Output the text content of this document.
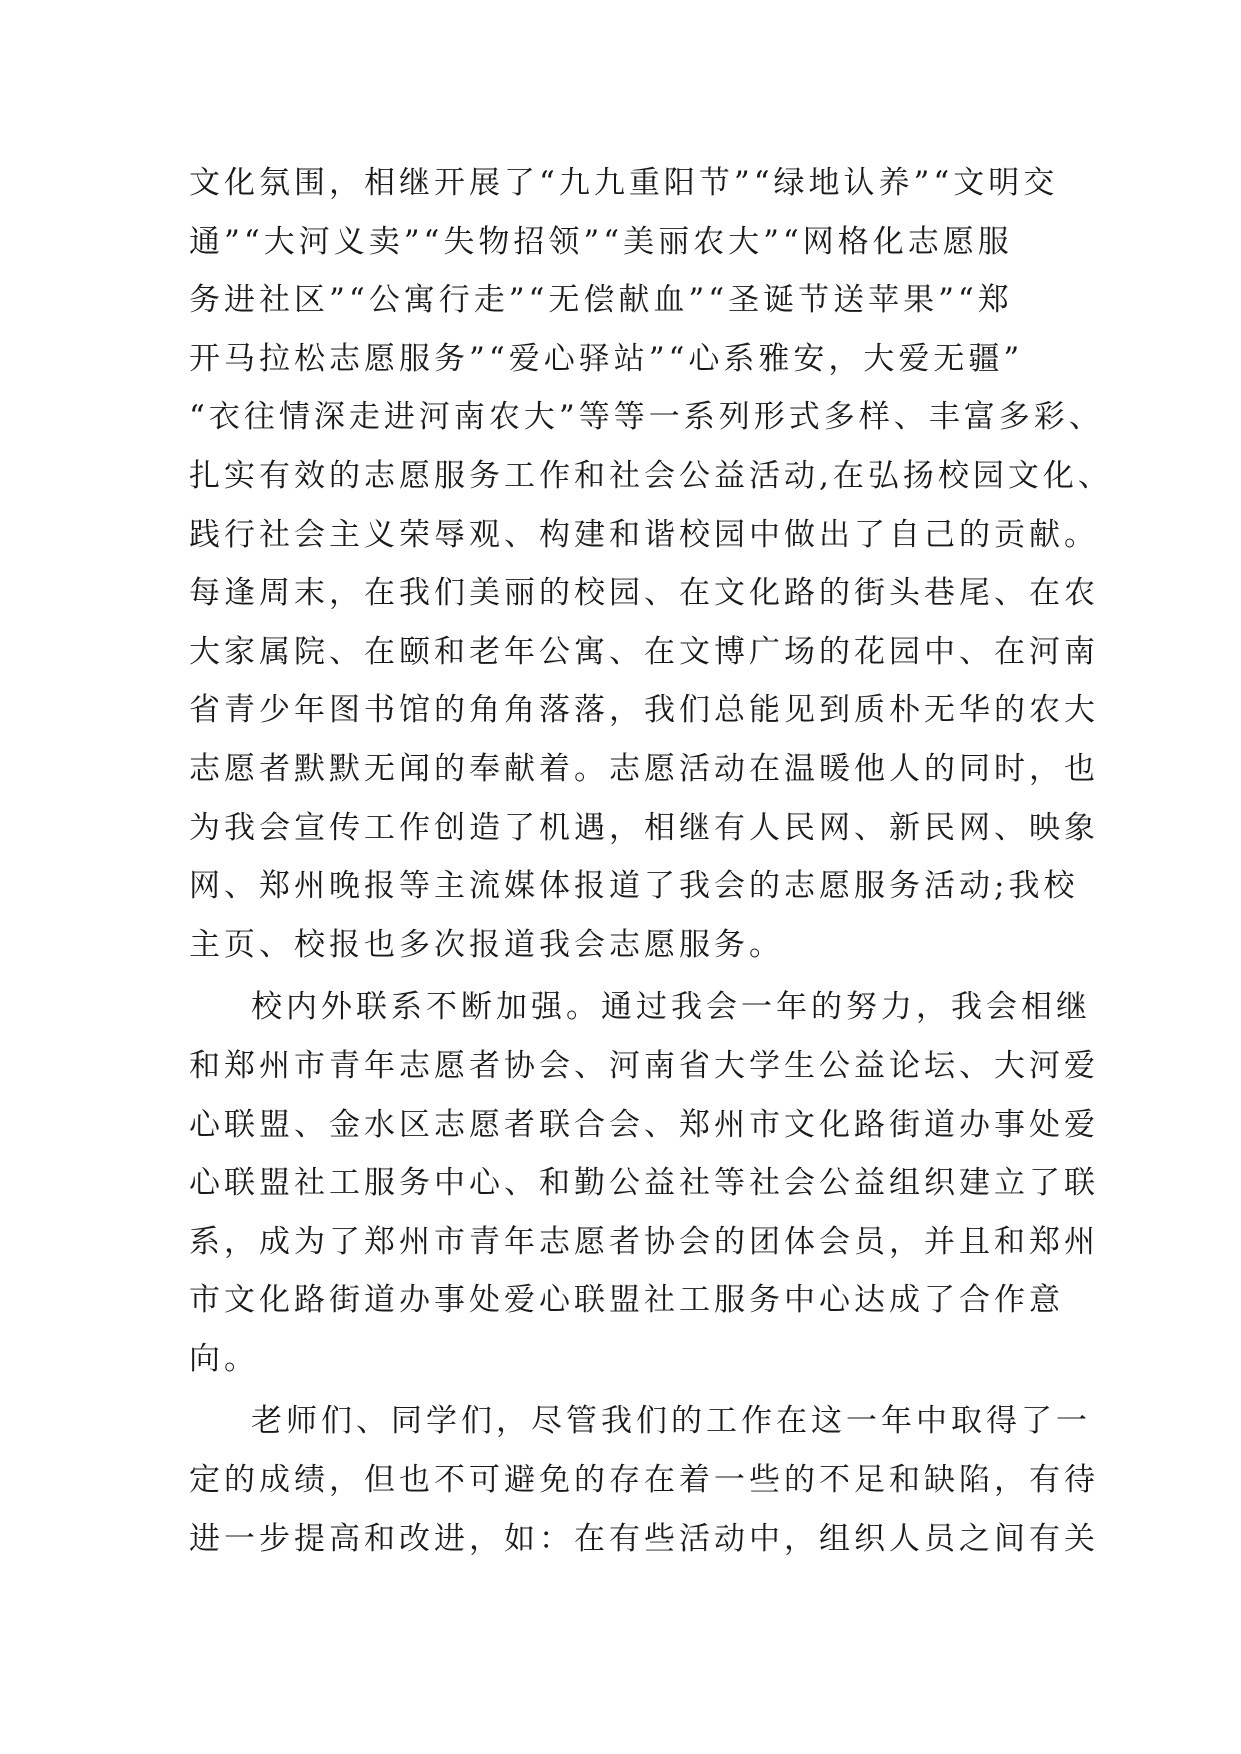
文化氛围，相继开展了“九九重阳节”“绿地认养”“文明交
通”“大河义卖”“失物招领”“美丽农大”“网格化志愿服
务进社区”“公寓行走”“无偿献血”“圣诞节送苹果”“郑
开马拉松志愿服务”“爱心驿站”“心系雅安，大爱无疆”
“衣往情深走进河南农大”等等一系列形式多样、丰富多彩、
扎实有效的志愿服务工作和社会公益活动,在弘扬校园文化、
践行社会主义荣辱观、构建和谐校园中做出了自己的贡献。
每逢周末，在我们美丽的校园、在文化路的街头巷尾、在农
大家属院、在颐和老年公寓、在文博广场的花园中、在河南
省青少年图书馆的角角落落，我们总能见到质朴无华的农大
志愿者默默无闻的奉献着。志愿活动在温暖他人的同时，也
为我会宣传工作创造了机遇，相继有人民网、新民网、映象
网、郑州晚报等主流媒体报道了我会的志愿服务活动;我校
主页、校报也多次报道我会志愿服务。
校内外联系不断加强。通过我会一年的努力，我会相继
和郑州市青年志愿者协会、河南省大学生公益论坛、大河爱
心联盟、金水区志愿者联合会、郑州市文化路街道办事处爱
心联盟社工服务中心、和勤公益社等社会公益组织建立了联
系，成为了郑州市青年志愿者协会的团体会员，并且和郑州
市文化路街道办事处爱心联盟社工服务中心达成了合作意
向。
老师们、同学们，尽管我们的工作在这一年中取得了一
定的成绩，但也不可避免的存在着一些的不足和缺陷，有待
进一步提高和改进，如：在有些活动中，组织人员之间有关
